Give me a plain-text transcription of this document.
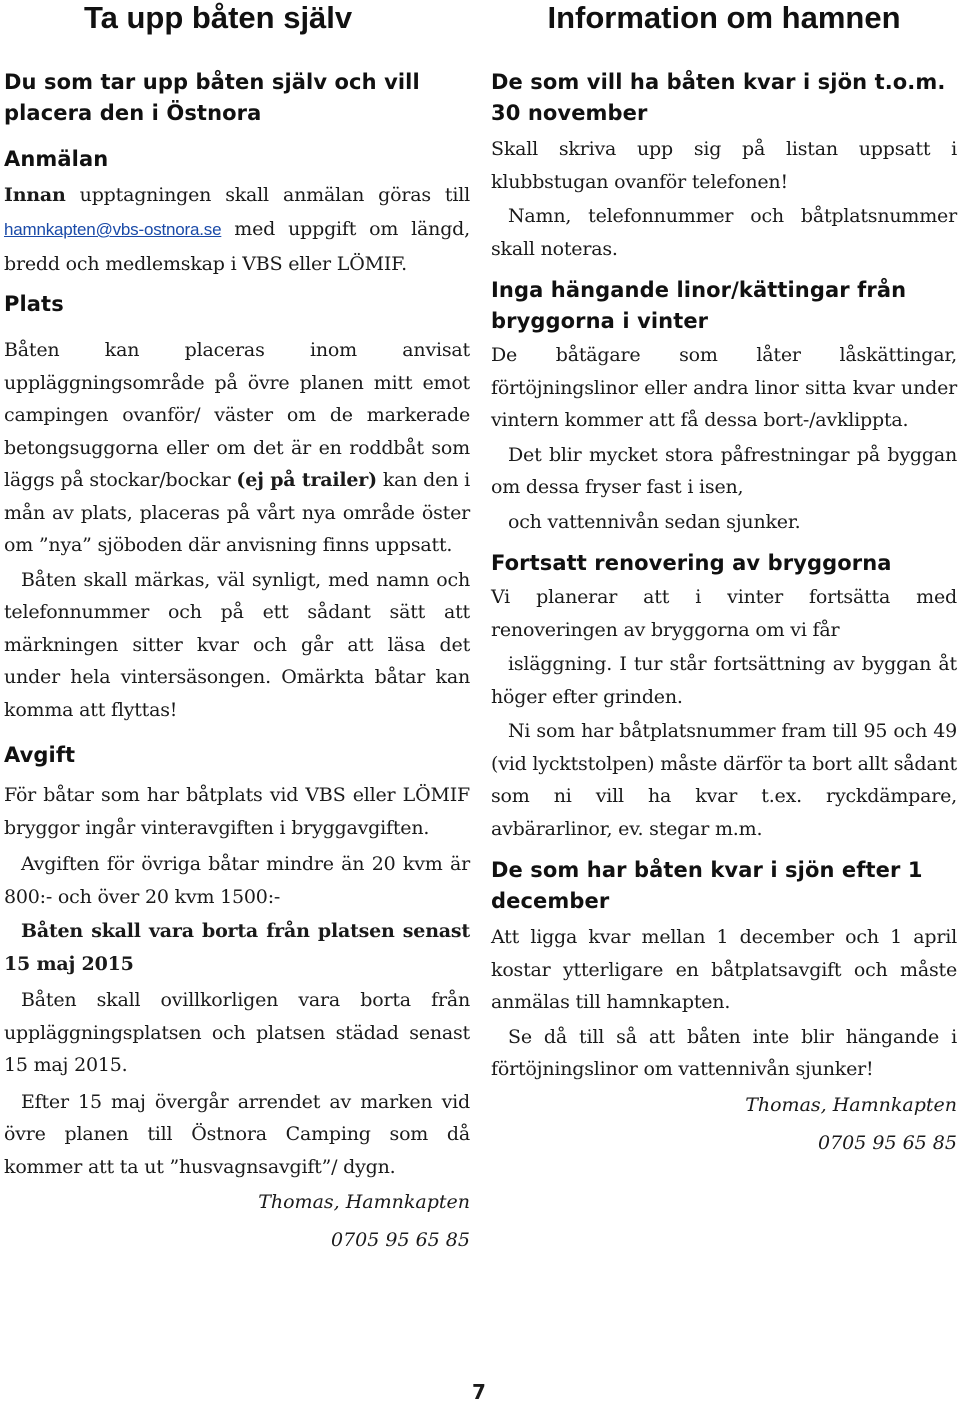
Ta upp båten själv

Du som tar upp båten själv och vill placera den i Östnora

Anmälan

Innan upptagningen skall anmälan göras till hamnkapten@vbs-ostnora.se med uppgift om längd, bredd och medlemskap i VBS eller LÖMIF.

Plats

Båten kan placeras inom anvisat uppläggningsområde på övre planen mitt emot campingen ovanför/ väster om de markerade betongsuggorna eller om det är en roddbåt som läggs på stockar/bockar (ej på trailer) kan den i mån av plats, placeras på vårt nya område öster om ”nya” sjöboden där anvisning finns uppsatt.

Båten skall märkas, väl synligt, med namn och telefonnummer och på ett sådant sätt att märkningen sitter kvar och går att läsa det under hela vintersäsongen. Omärkta båtar kan komma att flyttas!

Avgift

För båtar som har båtplats vid VBS eller LÖMIF bryggor ingår vinteravgiften i bryggavgiften.

Avgiften för övriga båtar mindre än 20 kvm är 800:- och över 20 kvm 1500:-

Båten skall vara borta från platsen senast 15 maj 2015

Båten skall ovillkorligen vara borta från uppläggningsplatsen och platsen städad senast 15 maj 2015.

Efter 15 maj övergår arrendet av marken vid övre planen till Östnora Camping som då kommer att ta ut ”husvagnsavgift”/ dygn.

Thomas, Hamnkapten

0705 95 65 85

Information om hamnen

De som vill ha båten kvar i sjön t.o.m. 30 november

Skall skriva upp sig på listan uppsatt i klubbstugan ovanför telefonen!

Namn, telefonnummer och båtplatsnummer skall noteras.

Inga hängande linor/kättingar från bryggorna i vinter

De båtägare som låter låskättingar, förtöjningslinor eller andra linor sitta kvar under vintern kommer att få dessa bort-/avklippta.

Det blir mycket stora påfrestningar på byggan om dessa fryser fast i isen,

och vattennivån sedan sjunker.

Fortsatt renovering av bryggorna

Vi planerar att i vinter fortsätta med renoveringen av bryggorna om vi får

isläggning. I tur står fortsättning av byggan åt höger efter grinden.

Ni som har båtplatsnummer fram till 95 och 49 (vid lycktstolpen) måste därför ta bort allt sådant som ni vill ha kvar t.ex. ryckdämpare, avbärarlinor, ev. stegar m.m.

De som har båten kvar i sjön efter 1 december

Att ligga kvar mellan 1 december och 1 april kostar ytterligare en båtplatsavgift och måste anmälas till hamnkapten.

Se då till så att båten inte blir hängande i förtöjningslinor om vattennivån sjunker!

Thomas, Hamnkapten

0705 95 65 85

7
